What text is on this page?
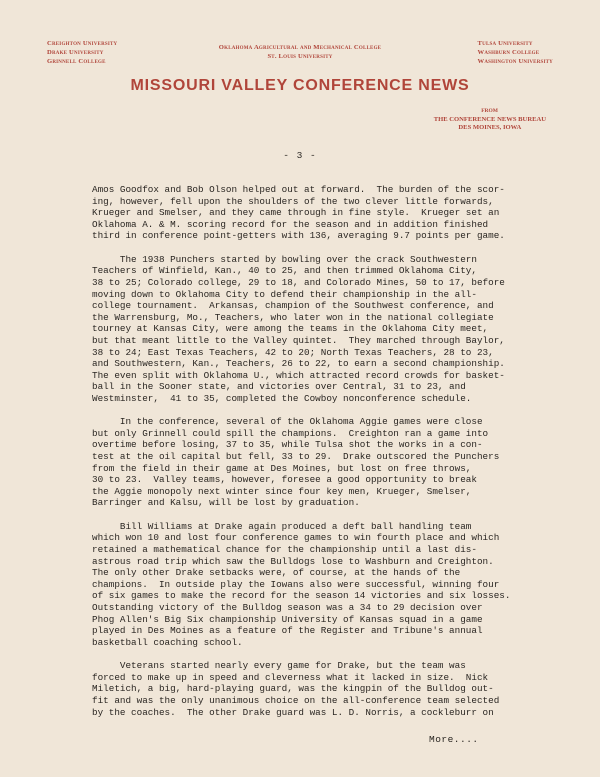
Creighton University
Drake University
Grinnell College
Oklahoma Agricultural and Mechanical College
St. Louis University
Tulsa University
Washburn College
Washington University
MISSOURI VALLEY CONFERENCE NEWS
FROM
THE CONFERENCE NEWS BUREAU
DES MOINES, IOWA
- 3 -
Amos Goodfox and Bob Olson helped out at forward.  The burden of the scor-
ing, however, fell upon the shoulders of the two clever little forwards,
Krueger and Smelser, and they came through in fine style.  Krueger set an
Oklahoma A. & M. scoring record for the season and in addition finished
third in conference point-getters with 136, averaging 9.7 points per game.
The 1938 Punchers started by bowling over the crack Southwestern
Teachers of Winfield, Kan., 40 to 25, and then trimmed Oklahoma City,
38 to 25; Colorado college, 29 to 18, and Colorado Mines, 50 to 17, before
moving down to Oklahoma City to defend their championship in the all-
college tournament.  Arkansas, champion of the Southwest conference, and
the Warrensburg, Mo., Teachers, who later won in the national collegiate
tourney at Kansas City, were among the teams in the Oklahoma City meet,
but that meant little to the Valley quintet.  They marched through Baylor,
38 to 24; East Texas Teachers, 42 to 20; North Texas Teachers, 28 to 23,
and Southwestern, Kan., Teachers, 26 to 22, to earn a second championship.
The even split with Oklahoma U., which attracted record crowds for basket-
ball in the Sooner state, and victories over Central, 31 to 23, and
Westminster,  41 to 35, completed the Cowboy nonconference schedule.
In the conference, several of the Oklahoma Aggie games were close
but only Grinnell could spill the champions.  Creighton ran a game into
overtime before losing, 37 to 35, while Tulsa shot the works in a con-
test at the oil capital but fell, 33 to 29.  Drake outscored the Punchers
from the field in their game at Des Moines, but lost on free throws,
30 to 23.  Valley teams, however, foresee a good opportunity to break
the Aggie monopoly next winter since four key men, Krueger, Smelser,
Barringer and Kalsu, will be lost by graduation.
Bill Williams at Drake again produced a deft ball handling team
which won 10 and lost four conference games to win fourth place and which
retained a mathematical chance for the championship until a last dis-
astrous road trip which saw the Bulldogs lose to Washburn and Creighton.
The only other Drake setbacks were, of course, at the hands of the
champions.  In outside play the Iowans also were successful, winning four
of six games to make the record for the season 14 victories and six losses.
Outstanding victory of the Bulldog season was a 34 to 29 decision over
Phog Allen's Big Six championship University of Kansas squad in a game
played in Des Moines as a feature of the Register and Tribune's annual
basketball coaching school.
Veterans started nearly every game for Drake, but the team was
forced to make up in speed and cleverness what it lacked in size.  Nick
Miletich, a big, hard-playing guard, was the kingpin of the Bulldog out-
fit and was the only unanimous choice on the all-conference team selected
by the coaches.  The other Drake guard was L. D. Norris, a cockleburr on
More....
